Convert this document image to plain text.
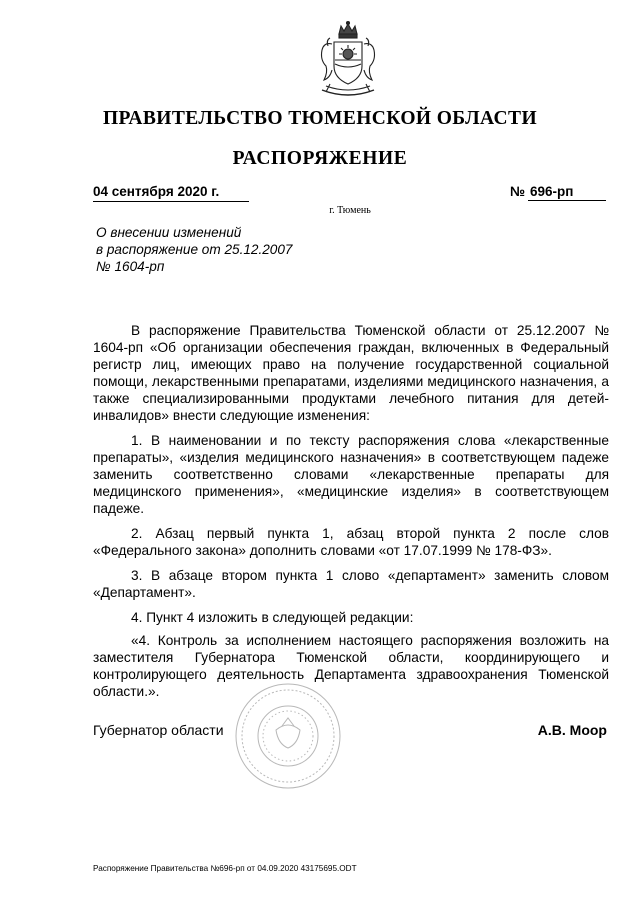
ПРАВИТЕЛЬСТВО ТЮМЕНСКОЙ ОБЛАСТИ
РАСПОРЯЖЕНИЕ
04 сентября 2020 г.	№ 696-рп
г. Тюмень
О внесении изменений
в распоряжение от 25.12.2007
№ 1604-рп

В распоряжение Правительства Тюменской области от 25.12.2007 № 1604-рп «Об организации обеспечения граждан, включенных в Федеральный регистр лиц, имеющих право на получение государственной социальной помощи, лекарственными препаратами, изделиями медицинского назначения, а также специализированными продуктами лечебного питания для детей-инвалидов» внести следующие изменения:

1. В наименовании и по тексту распоряжения слова «лекарственные препараты», «изделия медицинского назначения» в соответствующем падеже заменить соответственно словами «лекарственные препараты для медицинского применения», «медицинские изделия» в соответствующем падеже.

2. Абзац первый пункта 1, абзац второй пункта 2 после слов «Федерального закона» дополнить словами «от 17.07.1999 № 178-ФЗ».

3. В абзаце втором пункта 1 слово «департамент» заменить словом «Департамент».

4. Пункт 4 изложить в следующей редакции:

«4. Контроль за исполнением настоящего распоряжения возложить на заместителя Губернатора Тюменской области, координирующего и контролирующего деятельность Департамента здравоохранения Тюменской области.».

Губернатор области	А.В. Моор
Распоряжение Правительства №696-рп от 04.09.2020 43175695.ODT
